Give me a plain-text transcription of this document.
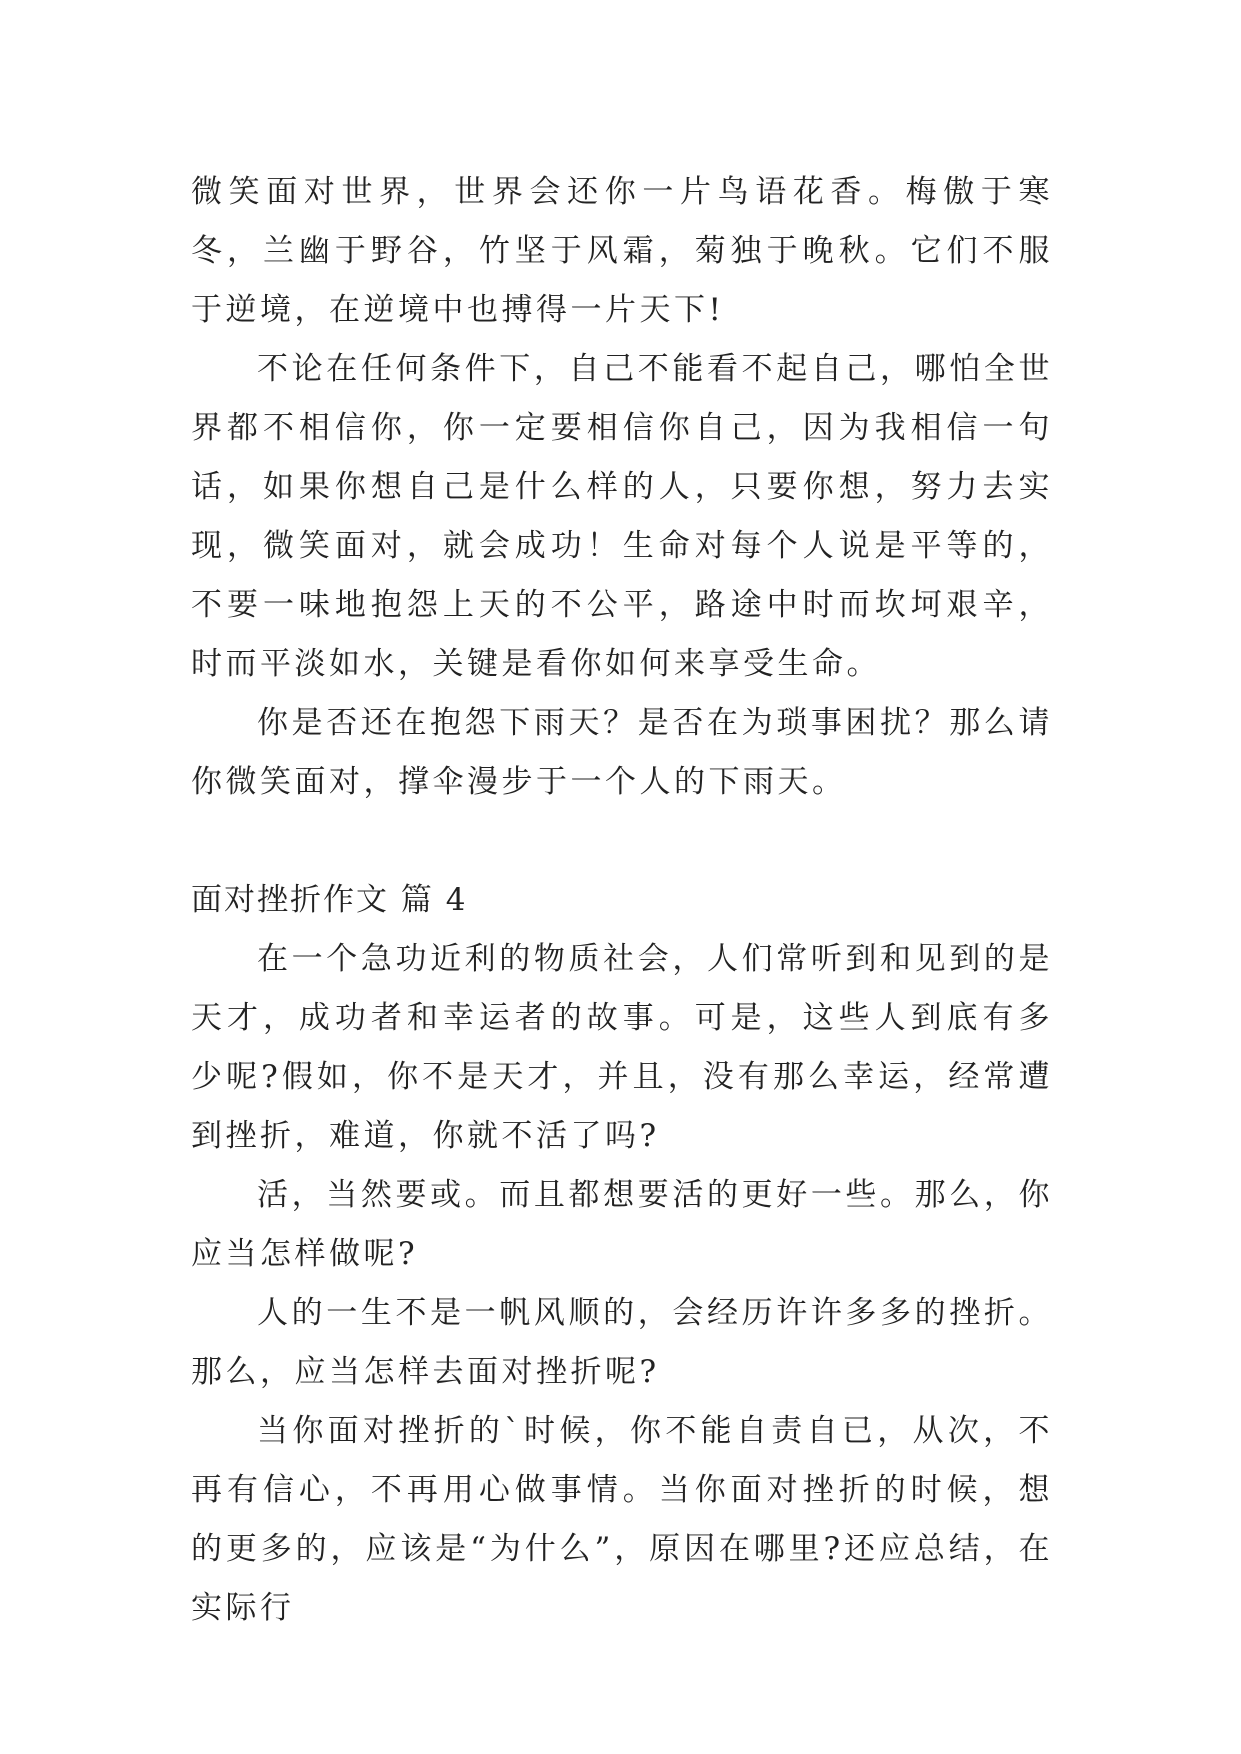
微笑面对世界，世界会还你一片鸟语花香。梅傲于寒冬，兰幽于野谷，竹坚于风霜，菊独于晚秋。它们不服于逆境，在逆境中也搏得一片天下!

不论在任何条件下，自己不能看不起自己，哪怕全世界都不相信你，你一定要相信你自己，因为我相信一句话，如果你想自己是什么样的人，只要你想，努力去实现，微笑面对，就会成功！生命对每个人说是平等的，不要一味地抱怨上天的不公平，路途中时而坎坷艰辛，时而平淡如水，关键是看你如何来享受生命。

你是否还在抱怨下雨天？是否在为琐事困扰？那么请你微笑面对，撑伞漫步于一个人的下雨天。

面对挫折作文 篇 4

在一个急功近利的物质社会，人们常听到和见到的是天才，成功者和幸运者的故事。可是，这些人到底有多少呢?假如，你不是天才，并且，没有那么幸运，经常遭到挫折，难道，你就不活了吗?

活，当然要或。而且都想要活的更好一些。那么，你应当怎样做呢?

人的一生不是一帆风顺的，会经历许许多多的挫折。那么，应当怎样去面对挫折呢?

当你面对挫折的`时候，你不能自责自已，从次，不再有信心，不再用心做事情。当你面对挫折的时候，想的更多的，应该是“为什么”，原因在哪里?还应总结，在实际行
